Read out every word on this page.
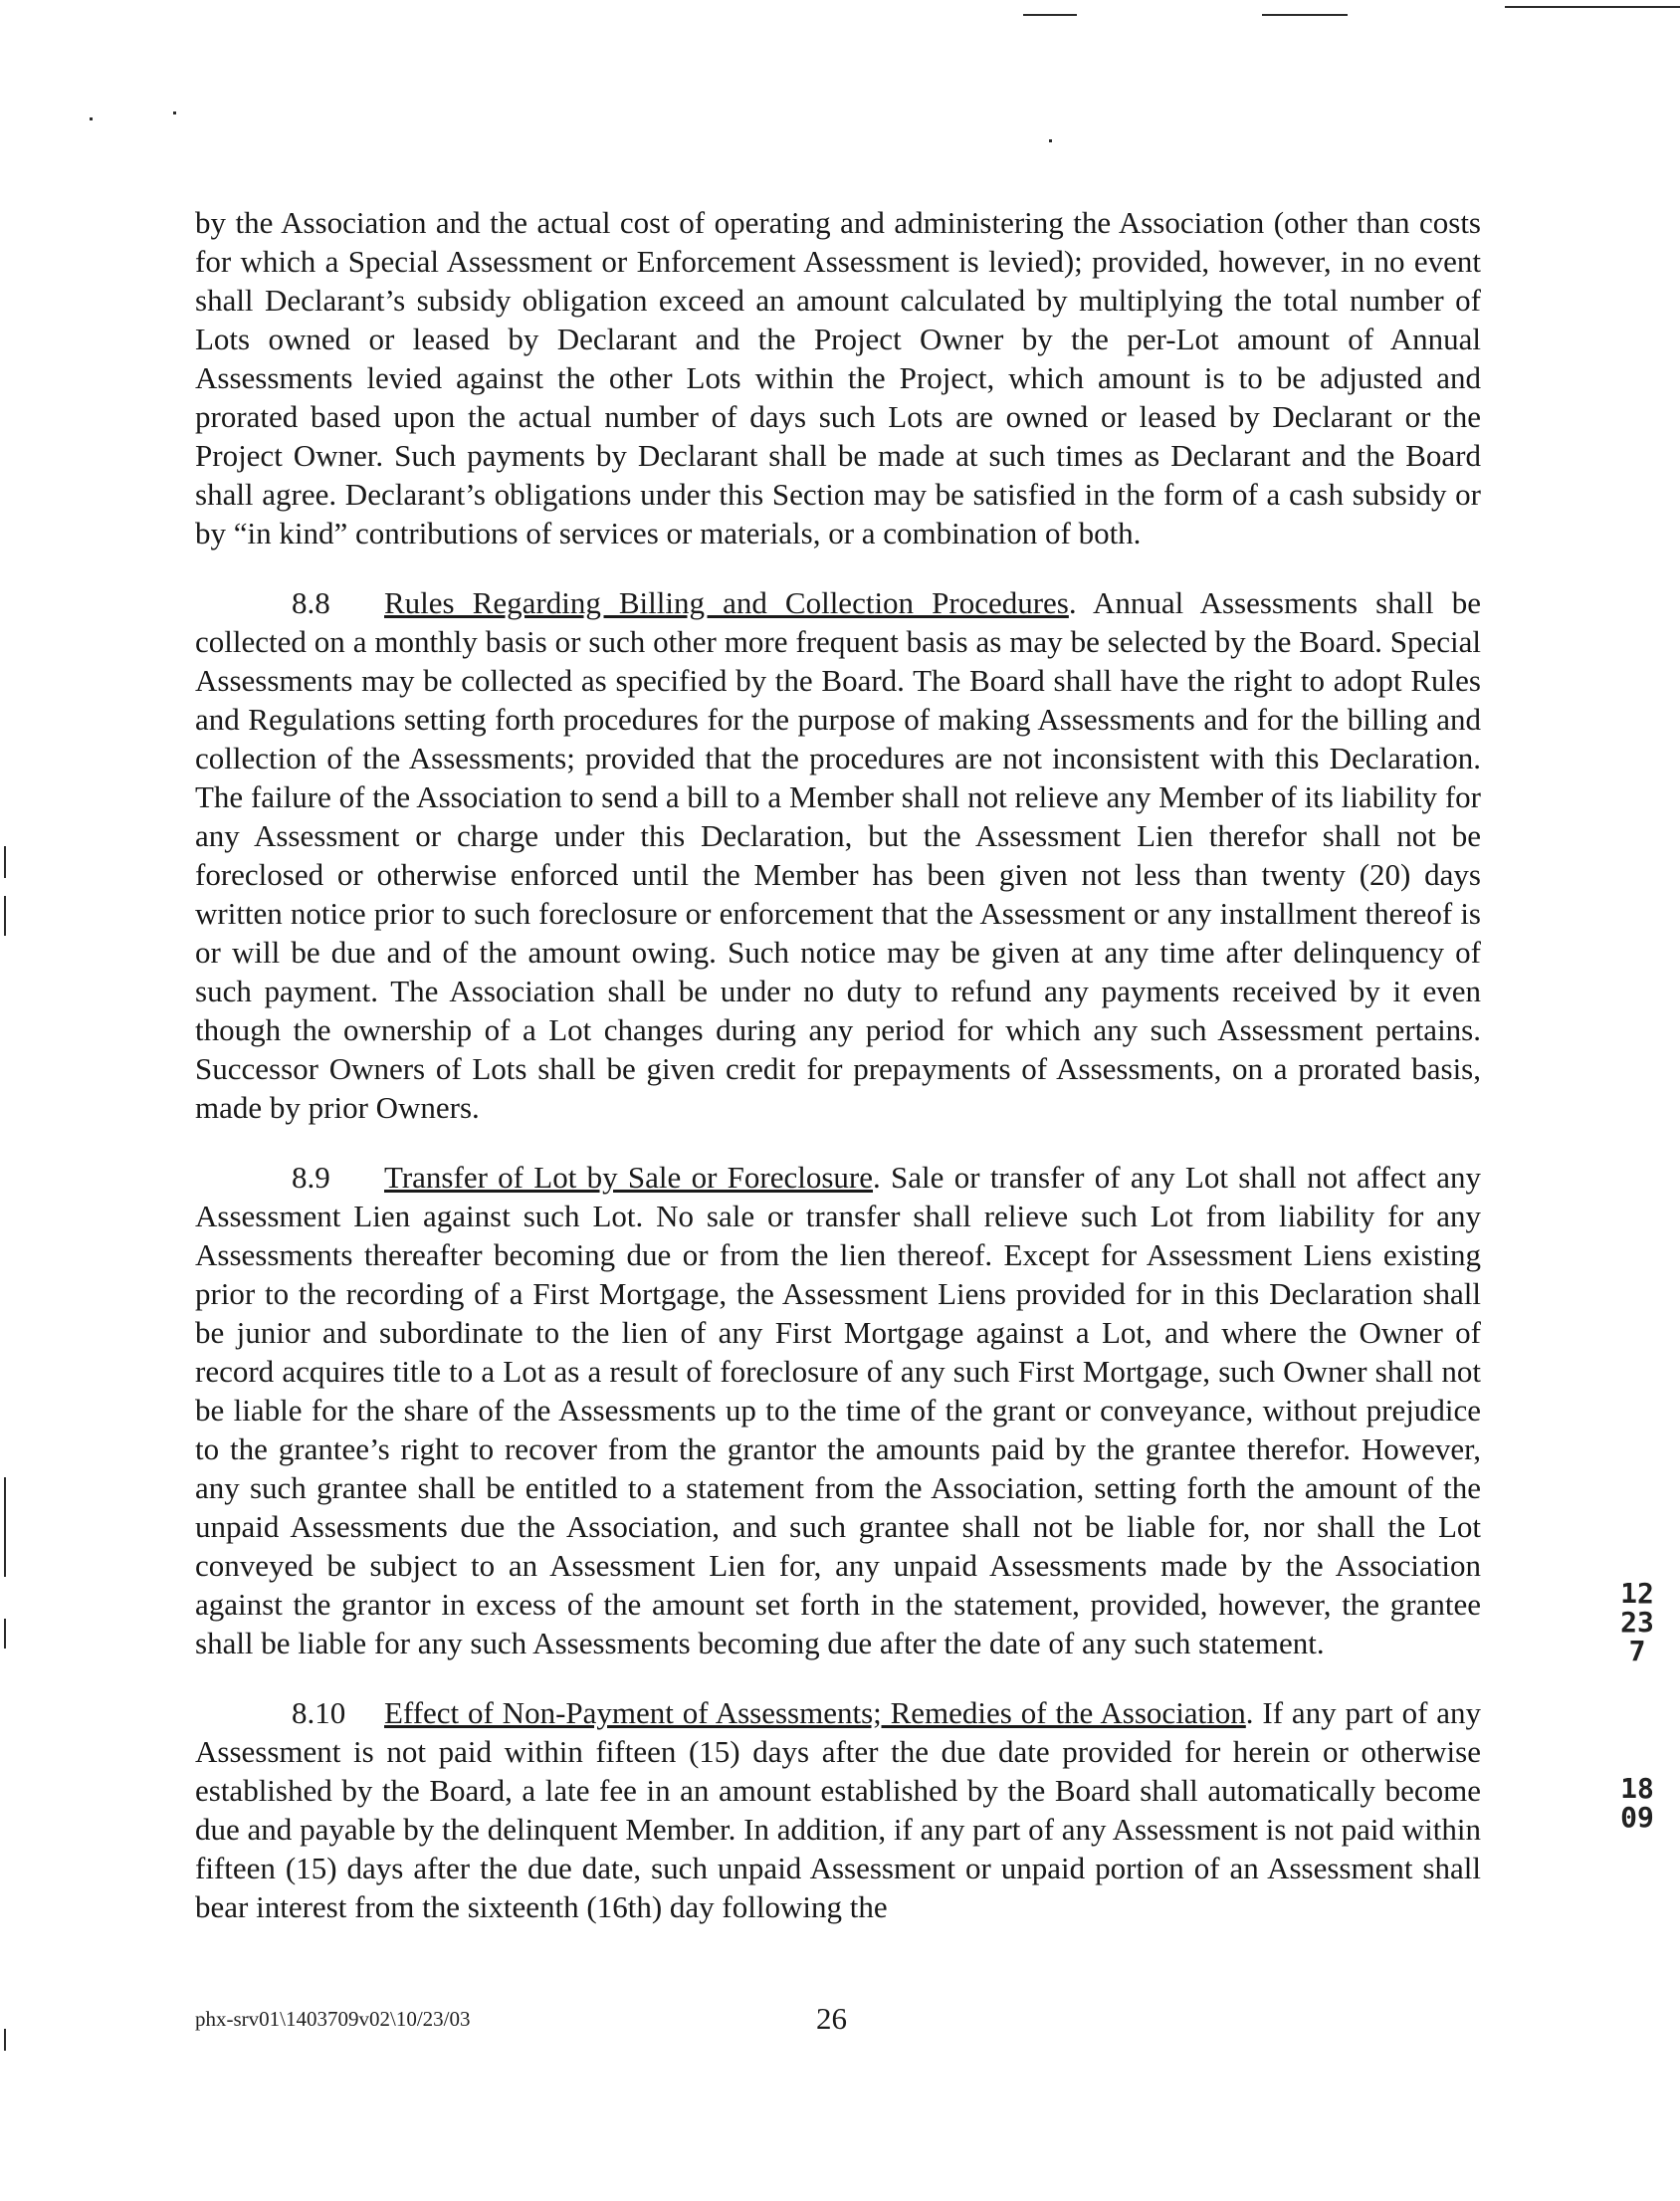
by the Association and the actual cost of operating and administering the Association (other than costs for which a Special Assessment or Enforcement Assessment is levied); provided, however, in no event shall Declarant’s subsidy obligation exceed an amount calculated by multiplying the total number of Lots owned or leased by Declarant and the Project Owner by the per-Lot amount of Annual Assessments levied against the other Lots within the Project, which amount is to be adjusted and prorated based upon the actual number of days such Lots are owned or leased by Declarant or the Project Owner. Such payments by Declarant shall be made at such times as Declarant and the Board shall agree. Declarant’s obligations under this Section may be satisfied in the form of a cash subsidy or by “in kind” contributions of services or materials, or a combination of both.

8.8 Rules Regarding Billing and Collection Procedures. Annual Assessments shall be collected on a monthly basis or such other more frequent basis as may be selected by the Board. Special Assessments may be collected as specified by the Board. The Board shall have the right to adopt Rules and Regulations setting forth procedures for the purpose of making Assessments and for the billing and collection of the Assessments; provided that the procedures are not inconsistent with this Declaration. The failure of the Association to send a bill to a Member shall not relieve any Member of its liability for any Assessment or charge under this Declaration, but the Assessment Lien therefor shall not be foreclosed or otherwise enforced until the Member has been given not less than twenty (20) days written notice prior to such foreclosure or enforcement that the Assessment or any installment thereof is or will be due and of the amount owing. Such notice may be given at any time after delinquency of such payment. The Association shall be under no duty to refund any payments received by it even though the ownership of a Lot changes during any period for which any such Assessment pertains. Successor Owners of Lots shall be given credit for prepayments of Assessments, on a prorated basis, made by prior Owners.

8.9 Transfer of Lot by Sale or Foreclosure. Sale or transfer of any Lot shall not affect any Assessment Lien against such Lot. No sale or transfer shall relieve such Lot from liability for any Assessments thereafter becoming due or from the lien thereof. Except for Assessment Liens existing prior to the recording of a First Mortgage, the Assessment Liens provided for in this Declaration shall be junior and subordinate to the lien of any First Mortgage against a Lot, and where the Owner of record acquires title to a Lot as a result of foreclosure of any such First Mortgage, such Owner shall not be liable for the share of the Assessments up to the time of the grant or conveyance, without prejudice to the grantee’s right to recover from the grantor the amounts paid by the grantee therefor. However, any such grantee shall be entitled to a statement from the Association, setting forth the amount of the unpaid Assessments due the Association, and such grantee shall not be liable for, nor shall the Lot conveyed be subject to an Assessment Lien for, any unpaid Assessments made by the Association against the grantor in excess of the amount set forth in the statement, provided, however, the grantee shall be liable for any such Assessments becoming due after the date of any such statement.

8.10 Effect of Non-Payment of Assessments; Remedies of the Association. If any part of any Assessment is not paid within fifteen (15) days after the due date provided for herein or otherwise established by the Board, a late fee in an amount established by the Board shall automatically become due and payable by the delinquent Member. In addition, if any part of any Assessment is not paid within fifteen (15) days after the due date, such unpaid Assessment or unpaid portion of an Assessment shall bear interest from the sixteenth (16th) day following the

12237
1809
phx-srv01\1403709v02\10/23/03	26
